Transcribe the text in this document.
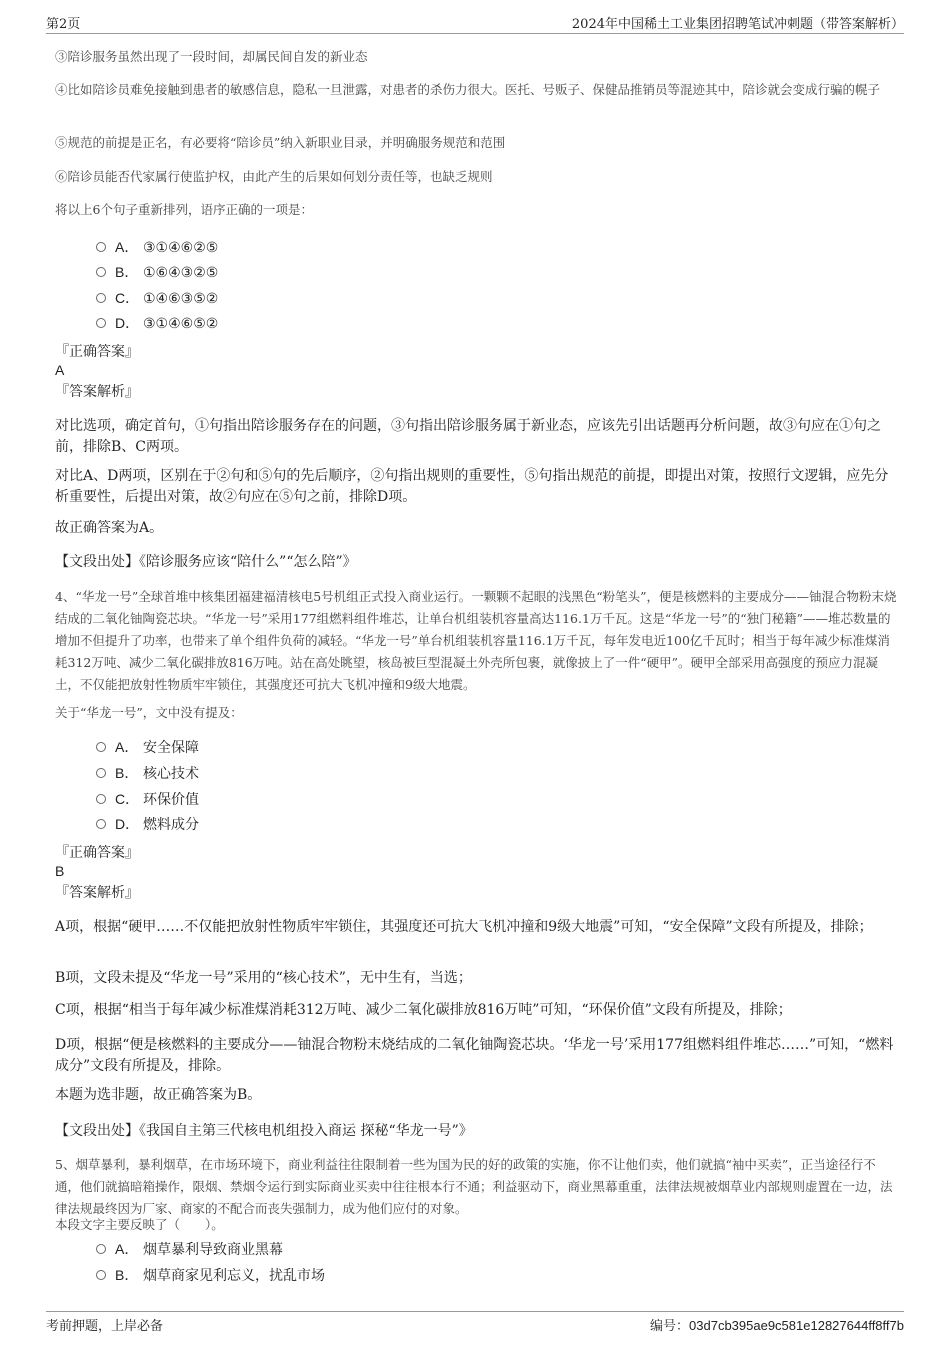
第2页	2024年中国稀土工业集团招聘笔试冲刺题（带答案解析）
③陪诊服务虽然出现了一段时间，却属民间自发的新业态
④比如陪诊员难免接触到患者的敏感信息，隐私一旦泄露，对患者的杀伤力很大。医托、号贩子、保健品推销员等混迹其中，陪诊就会变成行骗的幌子
⑤规范的前提是正名，有必要将“陪诊员”纳入新职业目录，并明确服务规范和范围
⑥陪诊员能否代家属行使监护权，由此产生的后果如何划分责任等，也缺乏规则
将以上6个句子重新排列，语序正确的一项是：
A． ③①④⑥②⑤
B． ①⑥④③②⑤
C． ①④⑥③⑤②
D． ③①④⑥⑤②
『正确答案』
A
『答案解析』
对比选项，确定首句，①句指出陪诊服务存在的问题，③句指出陪诊服务属于新业态，应该先引出话题再分析问题，故③句应在①句之前，排除B、C两项。
对比A、D两项，区别在于②句和⑤句的先后顺序，②句指出规则的重要性，⑤句指出规范的前提，即提出对策，按照行文逻辑，应先分析重要性，后提出对策，故②句应在⑤句之前，排除D项。
故正确答案为A。
【文段出处】《陪诊服务应该“陪什么”“怎么陪”》
4、“华龙一号”全球首堆中核集团福建福清核电5号机组正式投入商业运行。一颗颗不起眼的浅黑色“粉笔头”，便是核燃料的主要成分——铀混合物粉末烧结成的二氧化铀陶瓷芯块。“华龙一号”采用177组燃料组件堆芯，让单台机组装机容量高达116.1万千瓦。这是“华龙一号”的“独门秘籍”——堆芯数量的增加不但提升了功率，也带来了单个组件负荷的减轻。“华龙一号”单台机组装机容量116.1万千瓦，每年发电近100亿千瓦时；相当于每年减少标准煤消耗312万吨、减少二氧化碳排放816万吨。站在高处眺望，核岛被巨型混凝土外壳所包裹，就像披上了一件“硬甲”。硬甲全部采用高强度的预应力混凝土，不仅能把放射性物质牢牢锁住，其强度还可抗大飞机冲撞和9级大地震。
关于“华龙一号”，文中没有提及：
A． 安全保障
B． 核心技术
C． 环保价值
D． 燃料成分
『正确答案』
B
『答案解析』
A项，根据“硬甲……不仅能把放射性物质牢牢锁住，其强度还可抗大飞机冲撞和9级大地震”可知，“安全保障”文段有所提及，排除；
B项，文段未提及“华龙一号”采用的“核心技术”，无中生有，当选；
C项，根据“相当于每年减少标准煤消耗312万吨、减少二氧化碳排放816万吨”可知，“环保价值”文段有所提及，排除；
D项，根据“便是核燃料的主要成分——铀混合物粉末烧结成的二氧化铀陶瓷芯块。‘华龙一号’采用177组燃料组件堆芯……”可知，“燃料成分”文段有所提及，排除。
本题为选非题，故正确答案为B。
【文段出处】《我国自主第三代核电机组投入商运 探秘“华龙一号”》
5、烟草暴利，暴利烟草，在市场环境下，商业利益往往限制着一些为国为民的好的政策的实施，你不让他们卖，他们就搞“袖中买卖”，正当途径行不通，他们就搞暗箱操作，限烟、禁烟令运行到实际商业买卖中往往根本行不通；利益驱动下，商业黑幕重重，法律法规被烟草业内部规则虚置在一边，法律法规最终因为厂家、商家的不配合而丧失强制力，成为他们应付的对象。
本段文字主要反映了（　　）。
A． 烟草暴利导致商业黑幕
B． 烟草商家见利忘义，扰乱市场
考前押题，上岸必备	编号：03d7cb395ae9c581e12827644ff8ff7b
